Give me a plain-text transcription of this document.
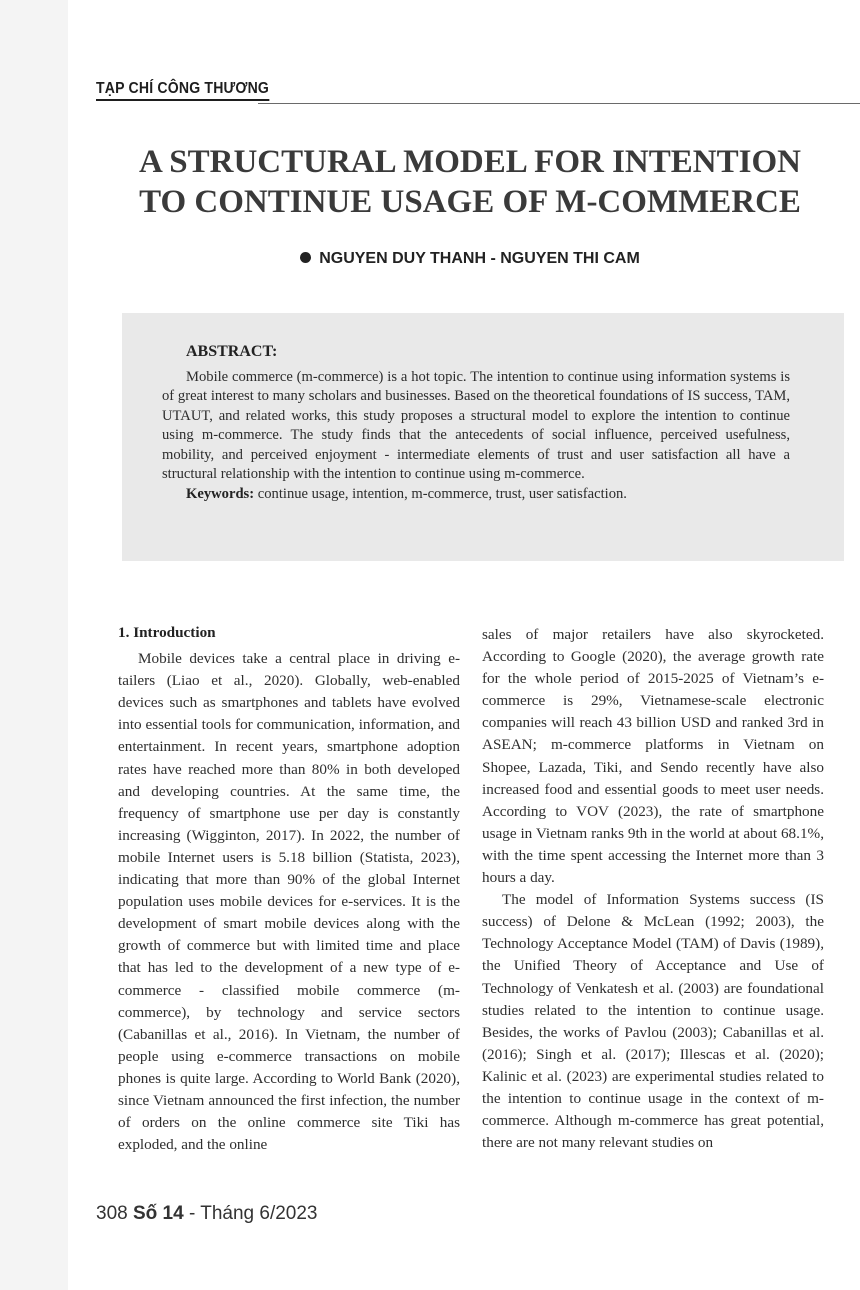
TẠP CHÍ CÔNG THƯƠNG
A STRUCTURAL MODEL FOR INTENTION
TO CONTINUE USAGE OF M-COMMERCE
NGUYEN DUY THANH - NGUYEN THI CAM
ABSTRACT:

Mobile commerce (m-commerce) is a hot topic. The intention to continue using information systems is of great interest to many scholars and businesses. Based on the theoretical foundations of IS success, TAM, UTAUT, and related works, this study proposes a structural model to explore the intention to continue using m-commerce. The study finds that the antecedents of social influence, perceived usefulness, mobility, and perceived enjoyment - intermediate elements of trust and user satisfaction all have a structural relationship with the intention to continue using m-commerce.

Keywords: continue usage, intention, m-commerce, trust, user satisfaction.
1. Introduction

Mobile devices take a central place in driving e-tailers (Liao et al., 2020). Globally, web-enabled devices such as smartphones and tablets have evolved into essential tools for communication, information, and entertainment. In recent years, smartphone adoption rates have reached more than 80% in both developed and developing countries. At the same time, the frequency of smartphone use per day is constantly increasing (Wigginton, 2017). In 2022, the number of mobile Internet users is 5.18 billion (Statista, 2023), indicating that more than 90% of the global Internet population uses mobile devices for e-services. It is the development of smart mobile devices along with the growth of commerce but with limited time and place that has led to the development of a new type of e-commerce - classified mobile commerce (m-commerce), by technology and service sectors (Cabanillas et al., 2016). In Vietnam, the number of people using e-commerce transactions on mobile phones is quite large. According to World Bank (2020), since Vietnam announced the first infection, the number of orders on the online commerce site Tiki has exploded, and the online

sales of major retailers have also skyrocketed. According to Google (2020), the average growth rate for the whole period of 2015-2025 of Vietnam’s e-commerce is 29%, Vietnamese-scale electronic companies will reach 43 billion USD and ranked 3rd in ASEAN; m-commerce platforms in Vietnam on Shopee, Lazada, Tiki, and Sendo recently have also increased food and essential goods to meet user needs. According to VOV (2023), the rate of smartphone usage in Vietnam ranks 9th in the world at about 68.1%, with the time spent accessing the Internet more than 3 hours a day.

The model of Information Systems success (IS success) of Delone & McLean (1992; 2003), the Technology Acceptance Model (TAM) of Davis (1989), the Unified Theory of Acceptance and Use of Technology of Venkatesh et al. (2003) are foundational studies related to the intention to continue usage. Besides, the works of Pavlou (2003); Cabanillas et al. (2016); Singh et al. (2017); Illescas et al. (2020); Kalinic et al. (2023) are experimental studies related to the intention to continue usage in the context of m-commerce. Although m-commerce has great potential, there are not many relevant studies on

308 Số 14 - Tháng 6/2023
